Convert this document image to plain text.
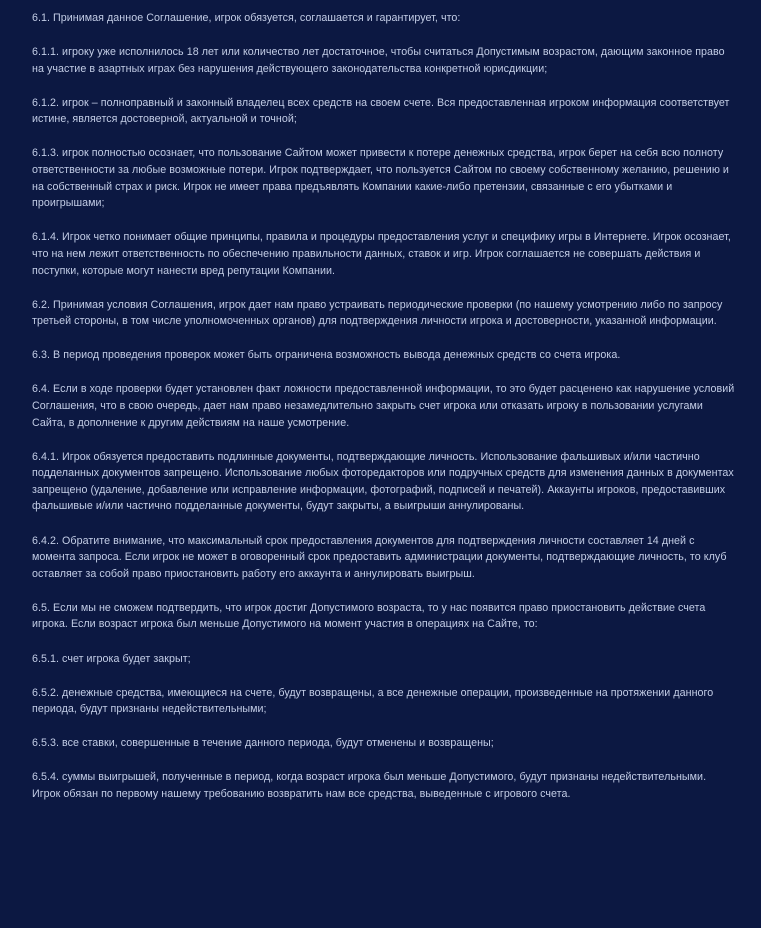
6.1. Принимая данное Соглашение, игрок обязуется, соглашается и гарантирует, что:

6.1.1. игроку уже исполнилось 18 лет или количество лет достаточное, чтобы считаться Допустимым возрастом, дающим законное право на участие в азартных играх без нарушения действующего законодательства конкретной юрисдикции;

6.1.2. игрок – полноправный и законный владелец всех средств на своем счете. Вся предоставленная игроком информация соответствует истине, является достоверной, актуальной и точной;

6.1.3. игрок полностью осознает, что пользование Сайтом может привести к потере денежных средства, игрок берет на себя всю полноту ответственности за любые возможные потери. Игрок подтверждает, что пользуется Сайтом по своему собственному желанию, решению и на собственный страх и риск. Игрок не имеет права предъявлять Компании какие-либо претензии, связанные с его убытками и проигрышами;

6.1.4. Игрок четко понимает общие принципы, правила и процедуры предоставления услуг и специфику игры в Интернете. Игрок осознает, что на нем лежит ответственность по обеспечению правильности данных, ставок и игр. Игрок соглашается не совершать действия и поступки, которые могут нанести вред репутации Компании.

6.2. Принимая условия Соглашения, игрок дает нам право устраивать периодические проверки (по нашему усмотрению либо по запросу третьей стороны, в том числе уполномоченных органов) для подтверждения личности игрока и достоверности, указанной информации.

6.3. В период проведения проверок может быть ограничена возможность вывода денежных средств со счета игрока.

6.4. Если в ходе проверки будет установлен факт ложности предоставленной информации, то это будет расценено как нарушение условий Соглашения, что в свою очередь, дает нам право незамедлительно закрыть счет игрока или отказать игроку в пользовании услугами Сайта, в дополнение к другим действиям на наше усмотрение.

6.4.1. Игрок обязуется предоставить подлинные документы, подтверждающие личность. Использование фальшивых и/или частично подделанных документов запрещено. Использование любых фоторедакторов или подручных средств для изменения данных в документах запрещено (удаление, добавление или исправление информации, фотографий, подписей и печатей). Аккаунты игроков, предоставивших фальшивые и/или частично подделанные документы, будут закрыты, а выигрыши аннулированы.

6.4.2. Обратите внимание, что максимальный срок предоставления документов для подтверждения личности составляет 14 дней с момента запроса. Если игрок не может в оговоренный срок предоставить администрации документы, подтверждающие личность, то клуб оставляет за собой право приостановить работу его аккаунта и аннулировать выигрыш.

6.5. Если мы не сможем подтвердить, что игрок достиг Допустимого возраста, то у нас появится право приостановить действие счета игрока. Если возраст игрока был меньше Допустимого на момент участия в операциях на Сайте, то:

6.5.1. счет игрока будет закрыт;

6.5.2. денежные средства, имеющиеся на счете, будут возвращены, а все денежные операции, произведенные на протяжении данного периода, будут признаны недействительными;

6.5.3. все ставки, совершенные в течение данного периода, будут отменены и возвращены;

6.5.4. суммы выигрышей, полученные в период, когда возраст игрока был меньше Допустимого, будут признаны недействительными. Игрок обязан по первому нашему требованию возвратить нам все средства, выведенные с игрового счета.
